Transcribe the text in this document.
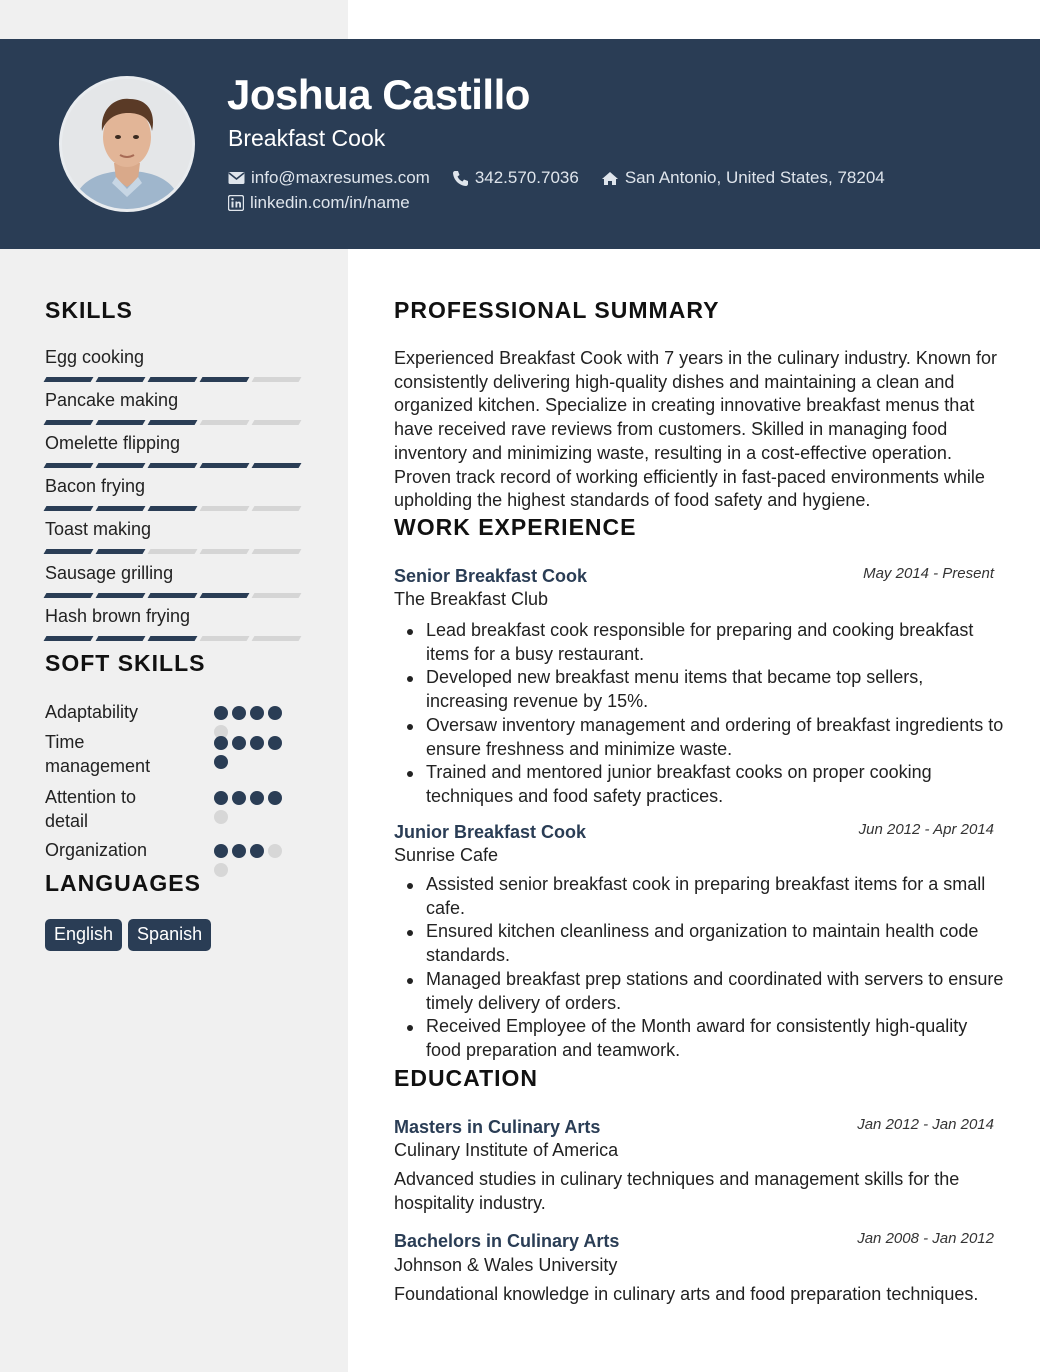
Joshua Castillo
Breakfast Cook
info@maxresumes.com	342.570.7036	San Antonio, United States, 78204
linkedin.com/in/name
SKILLS
Egg cooking
Pancake making
Omelette flipping
Bacon frying
Toast making
Sausage grilling
Hash brown frying
SOFT SKILLS
Adaptability
Time management
Attention to detail
Organization
LANGUAGES
English	Spanish
PROFESSIONAL SUMMARY
Experienced Breakfast Cook with 7 years in the culinary industry. Known for consistently delivering high-quality dishes and maintaining a clean and organized kitchen. Specialize in creating innovative breakfast menus that have received rave reviews from customers. Skilled in managing food inventory and minimizing waste, resulting in a cost-effective operation. Proven track record of working efficiently in fast-paced environments while upholding the highest standards of food safety and hygiene.
WORK EXPERIENCE
Senior Breakfast Cook	May 2014 - Present
The Breakfast Club
Lead breakfast cook responsible for preparing and cooking breakfast items for a busy restaurant.
Developed new breakfast menu items that became top sellers, increasing revenue by 15%.
Oversaw inventory management and ordering of breakfast ingredients to ensure freshness and minimize waste.
Trained and mentored junior breakfast cooks on proper cooking techniques and food safety practices.
Junior Breakfast Cook	Jun 2012 - Apr 2014
Sunrise Cafe
Assisted senior breakfast cook in preparing breakfast items for a small cafe.
Ensured kitchen cleanliness and organization to maintain health code standards.
Managed breakfast prep stations and coordinated with servers to ensure timely delivery of orders.
Received Employee of the Month award for consistently high-quality food preparation and teamwork.
EDUCATION
Masters in Culinary Arts	Jan 2012 - Jan 2014
Culinary Institute of America
Advanced studies in culinary techniques and management skills for the hospitality industry.
Bachelors in Culinary Arts	Jan 2008 - Jan 2012
Johnson & Wales University
Foundational knowledge in culinary arts and food preparation techniques.
